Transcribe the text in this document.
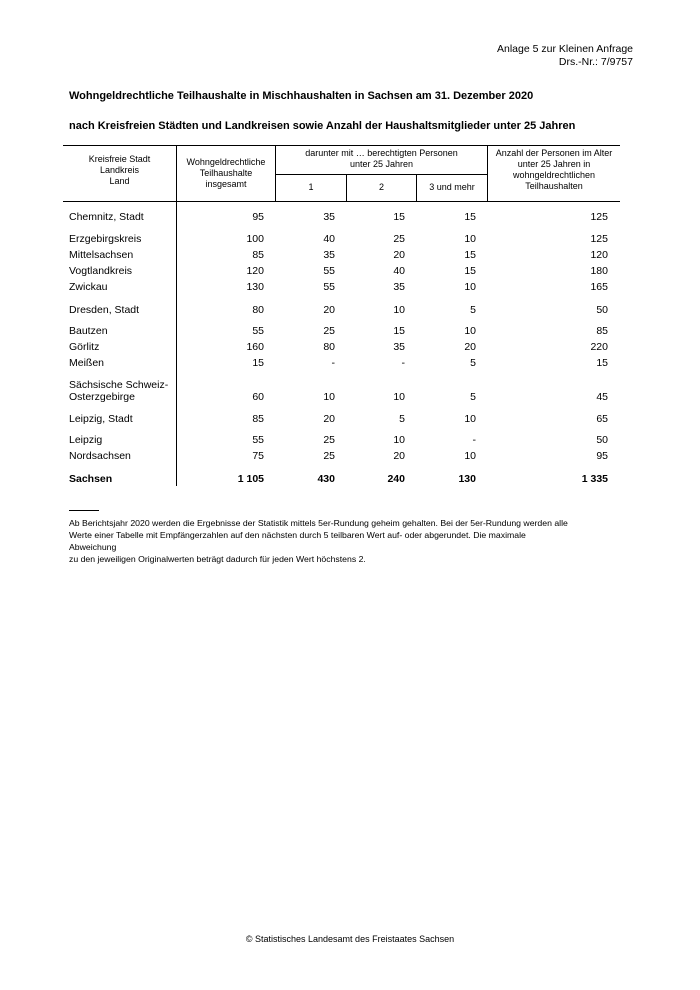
Anlage 5 zur Kleinen Anfrage
Drs.-Nr.: 7/9757
Wohngeldrechtliche Teilhaushalte in Mischhaushalten in Sachsen am 31. Dezember 2020
nach Kreisfreien Städten und Landkreisen sowie Anzahl der Haushaltsmitglieder unter 25 Jahren
Kreisfreie Stadt
Landkreis
Land
Wohngeldrechtliche
Teilhaushalte
insgesamt
darunter mit … berechtigten Personen
unter 25 Jahren
1	2	3 und mehr
Anzahl der Personen im Alter
unter 25 Jahren in
wohngeldrechtlichen
Teilhaushalten
Chemnitz, Stadt	95	35	15	15	125
Erzgebirgskreis	100	40	25	10	125
Mittelsachsen	85	35	20	15	120
Vogtlandkreis	120	55	40	15	180
Zwickau	130	55	35	10	165
Dresden, Stadt	80	20	10	5	50
Bautzen	55	25	15	10	85
Görlitz	160	80	35	20	220
Meißen	15	-	-	5	15
Sächsische Schweiz-
Osterzgebirge	60	10	10	5	45
Leipzig, Stadt	85	20	5	10	65
Leipzig	55	25	10	-	50
Nordsachsen	75	25	20	10	95
Sachsen	1 105	430	240	130	1 335
Ab Berichtsjahr 2020 werden die Ergebnisse der Statistik mittels 5er-Rundung geheim gehalten. Bei der 5er-Rundung werden alle
Werte einer Tabelle mit Empfängerzahlen auf den nächsten durch 5 teilbaren Wert auf- oder abgerundet. Die maximale
Abweichung
zu den jeweiligen Originalwerten beträgt dadurch für jeden Wert höchstens 2.
© Statistisches Landesamt des Freistaates Sachsen
